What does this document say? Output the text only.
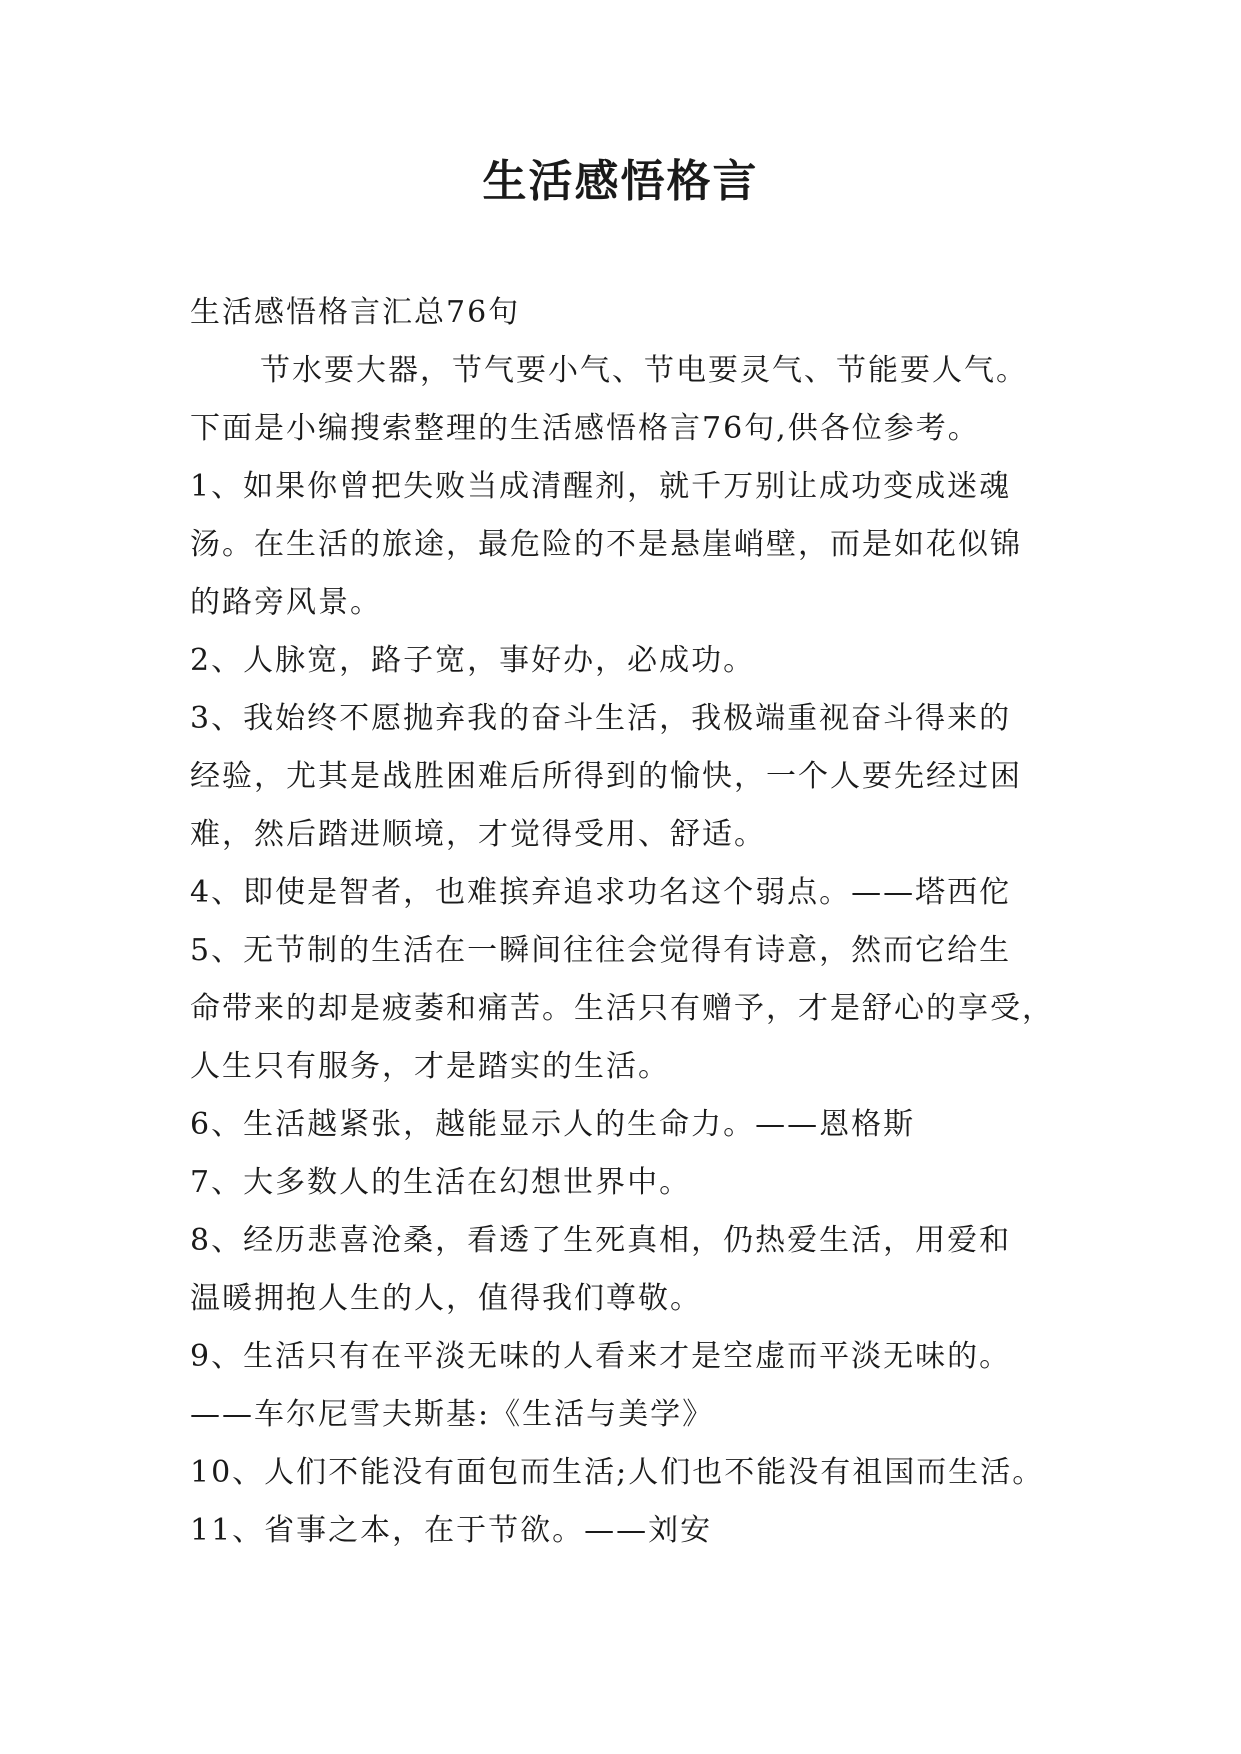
生活感悟格言
生活感悟格言汇总76句
节水要大器，节气要小气、节电要灵气、节能要人气。
下面是小编搜索整理的生活感悟格言76句,供各位参考。
1、如果你曾把失败当成清醒剂，就千万别让成功变成迷魂
汤。在生活的旅途，最危险的不是悬崖峭壁，而是如花似锦
的路旁风景。
2、人脉宽，路子宽，事好办，必成功。
3、我始终不愿抛弃我的奋斗生活，我极端重视奋斗得来的
经验，尤其是战胜困难后所得到的愉快，一个人要先经过困
难，然后踏进顺境，才觉得受用、舒适。
4、即使是智者，也难摈弃追求功名这个弱点。——塔西佗
5、无节制的生活在一瞬间往往会觉得有诗意，然而它给生
命带来的却是疲萎和痛苦。生活只有赠予，才是舒心的享受，
人生只有服务，才是踏实的生活。
6、生活越紧张，越能显示人的生命力。——恩格斯
7、大多数人的生活在幻想世界中。
8、经历悲喜沧桑，看透了生死真相，仍热爱生活，用爱和
温暖拥抱人生的人，值得我们尊敬。
9、生活只有在平淡无味的人看来才是空虚而平淡无味的。
——车尔尼雪夫斯基:《生活与美学》
10、人们不能没有面包而生活;人们也不能没有祖国而生活。
11、省事之本，在于节欲。——刘安
